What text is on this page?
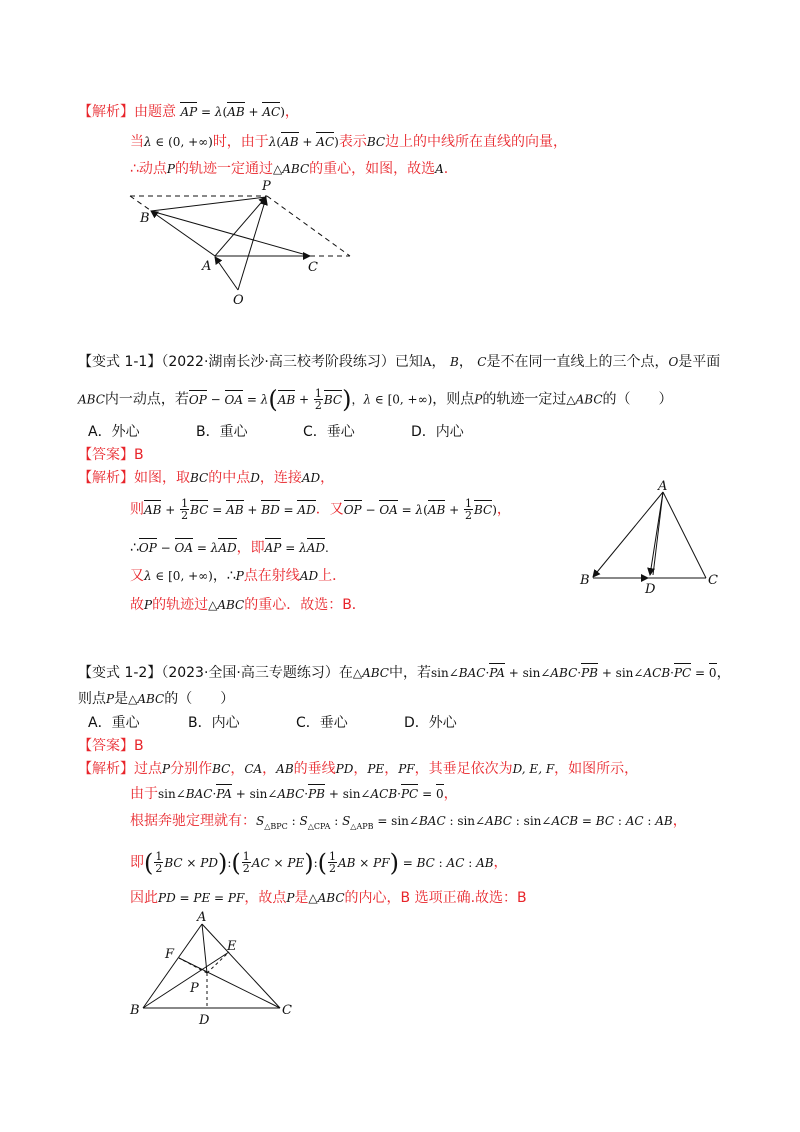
【解析】由题意 AP = λ(AB + AC)，
当λ ∈ (0, +∞)时，由于λ(AB + AC)表示BC边上的中线所在直线的向量，
∴动点P的轨迹一定通过△ABC的重心，如图，故选A.
P
B
A	C
O
【变式 1-1】（2022·湖南长沙·高三校考阶段练习）已知A， B， C是不在同一直线上的三个点，O是平面
ABC内一动点，若OP − OA = $\lambda(AB + \frac{1}{2} BC)$，λ ∈ [0, +∞)，则点P的轨迹一定过△ABC的（　　）
A．外心	B．重心	C．垂心	D．内心
【答案】B
【解析】如图，取BC的中点D，连接AD，
则AB + $\frac{1}{2}$ BC = AB + BD = AD．又OP − OA = $\lambda(AB + \frac{1}{2} BC)$，
∴OP − OA = λAD，即AP = λAD.
又λ ∈ [0, +∞)，∴P点在射线AD上．
故P的轨迹过△ABC的重心．故选：B．
A
B
D
C
【变式 1-2】（2023·全国·高三专题练习）在△ABC中，若sin∠BAC·PA + sin∠ABC·PB + sin∠ACB·PC = 0，
则点P是△ABC的（　　）
A．重心	B．内心	C．垂心	D．外心
【答案】B
【解析】过点P分别作BC，CA，AB的垂线PD，PE，PF，其垂足依次为D, E, F，如图所示，
由于sin∠BAC·PA + sin∠ABC·PB + sin∠ACB·PC = 0，
根据奔驰定理就有：$S_{\triangle BPC}$ : $S_{\triangle CPA}$ : $S_{\triangle APB}$ = sin∠BAC : sin∠ABC : sin∠ACB = BC : AC : AB，
即( $\frac{1}{2}$ BC × PD):( $\frac{1}{2}$ AC × PE):( $\frac{1}{2}$ AB × PF) = BC : AC : AB，
因此PD = PE = PF，故点P是△ABC的内心，B 选项正确.故选：B
A
E
F
P
B
D
C
